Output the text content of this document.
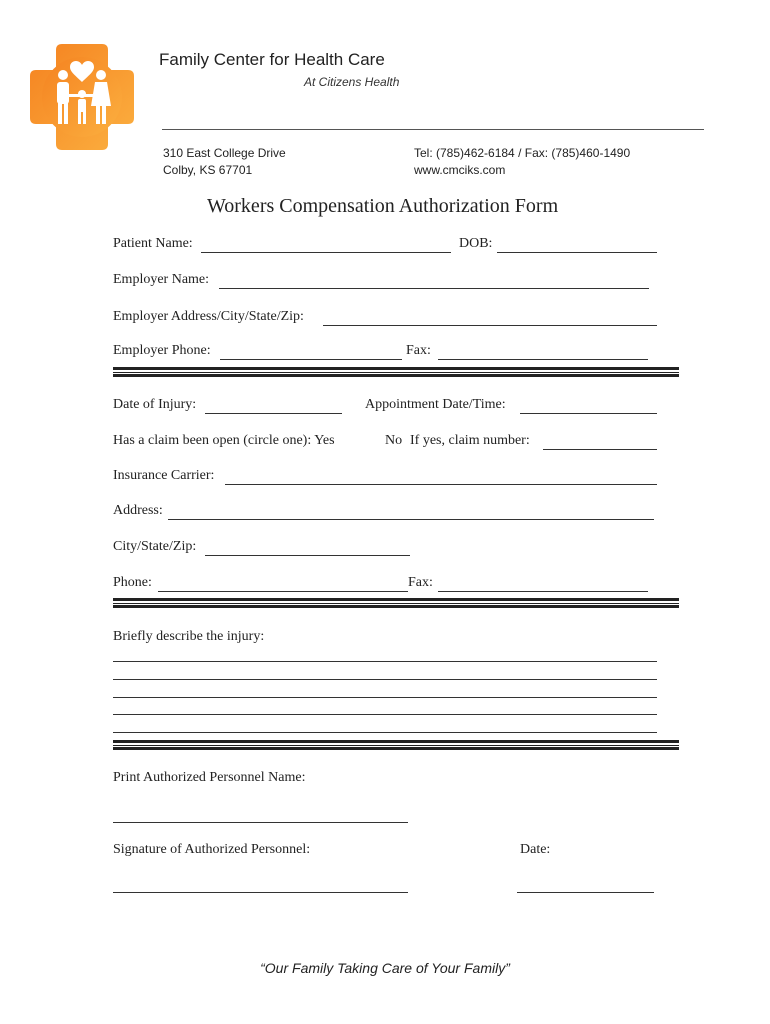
Family Center for Health Care
At Citizens Health
310 East College Drive
Colby, KS 67701
Tel: (785)462-6184 / Fax: (785)460-1490
www.cmciks.com
Workers Compensation Authorization Form
Patient Name:	DOB:
Employer Name:
Employer Address/City/State/Zip:
Employer Phone:	Fax:
Date of Injury:	Appointment Date/Time:
Has a claim been open (circle one): Yes	No If yes, claim number:
Insurance Carrier:
Address:
City/State/Zip:
Phone:	Fax:
Briefly describe the injury:
Print Authorized Personnel Name:
Signature of Authorized Personnel:	Date:
“Our Family Taking Care of Your Family”
